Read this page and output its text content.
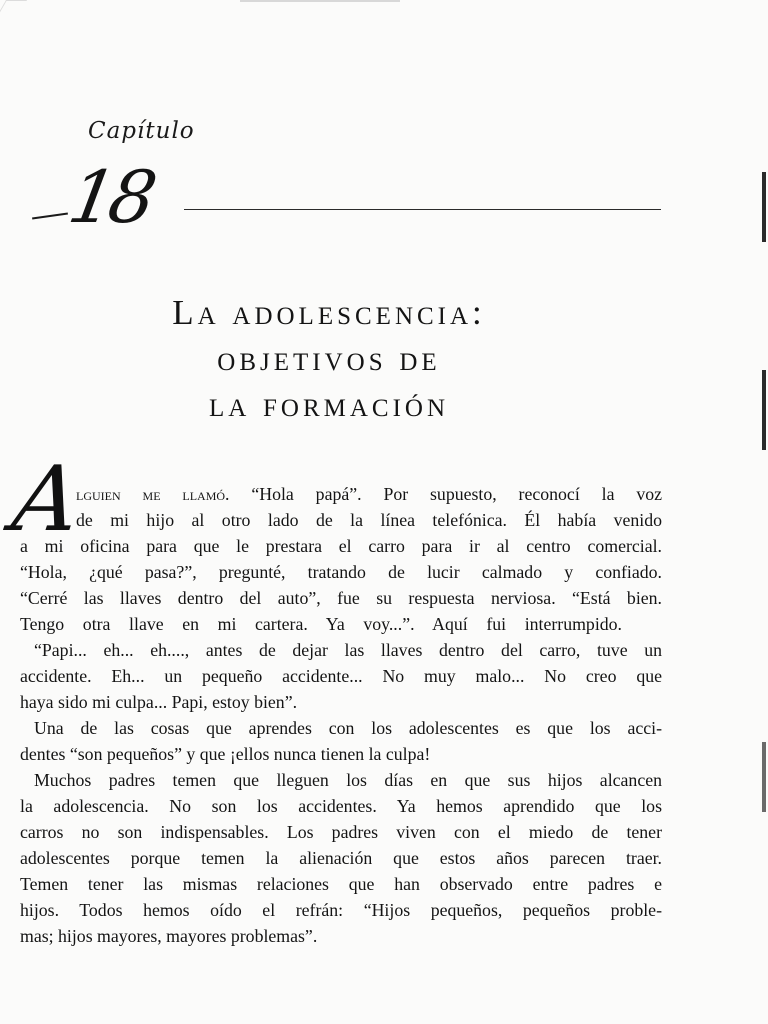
Capítulo
18
La adolescencia:
objetivos de
la formación
A
lguien me llamó. “Hola papá”. Por supuesto, reconocí la voz
de mi hijo al otro lado de la línea telefónica. Él había venido
a mi oficina para que le prestara el carro para ir al centro comercial.
“Hola, ¿qué pasa?”, pregunté, tratando de lucir calmado y confiado.
“Cerré las llaves dentro del auto”, fue su respuesta nerviosa. “Está bien.
Tengo otra llave en mi cartera. Ya voy...”. Aquí fui interrumpido.
“Papi... eh... eh...., antes de dejar las llaves dentro del carro, tuve un
accidente. Eh... un pequeño accidente... No muy malo... No creo que
haya sido mi culpa... Papi, estoy bien”.
Una de las cosas que aprendes con los adolescentes es que los acci-
dentes “son pequeños” y que ¡ellos nunca tienen la culpa!
Muchos padres temen que lleguen los días en que sus hijos alcancen
la adolescencia. No son los accidentes. Ya hemos aprendido que los
carros no son indispensables. Los padres viven con el miedo de tener
adolescentes porque temen la alienación que estos años parecen traer.
Temen tener las mismas relaciones que han observado entre padres e
hijos. Todos hemos oído el refrán: “Hijos pequeños, pequeños proble-
mas; hijos mayores, mayores problemas”.
